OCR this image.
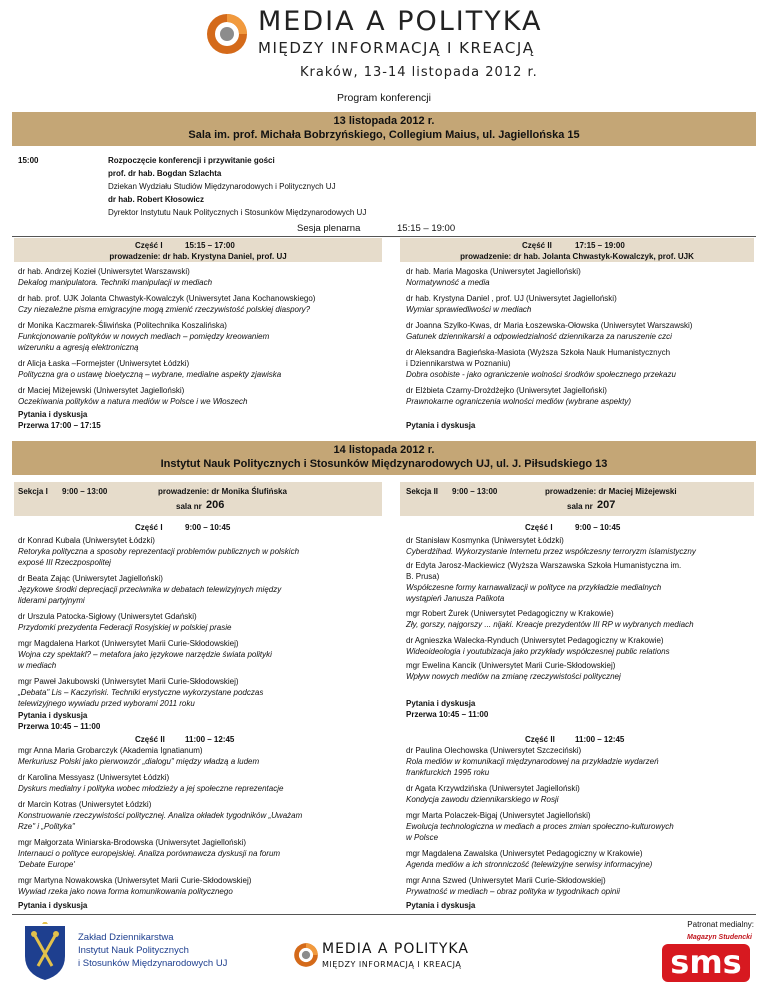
MEDIA A POLITYKA
MIĘDZY INFORMACJĄ I KREACJĄ
Kraków, 13-14 listopada 2012 r.
Program konferencji
13 listopada 2012 r.
Sala im. prof. Michała Bobrzyńskiego, Collegium Maius, ul. Jagiellońska 15
15:00	Rozpoczęcie konferencji i przywitanie gości
prof. dr hab. Bogdan Szlachta
Dziekan Wydziału Studiów Międzynarodowych i Politycznych UJ
dr hab. Robert Kłosowicz
Dyrektor Instytutu Nauk Politycznych i Stosunków Międzynarodowych UJ
Sesja plenarna	15:15 – 19:00
Część I	15:15 – 17:00
prowadzenie: dr hab. Krystyna Daniel, prof. UJ
dr hab. Andrzej Kozieł (Uniwersytet Warszawski)
Dekalog manipulatora. Techniki manipulacji w mediach
dr hab. prof. UJK Jolanta Chwastyk-Kowalczyk (Uniwersytet Jana Kochanowskiego)
Czy niezależne pisma emigracyjne mogą zmienić rzeczywistość polskiej diaspory?
dr Monika Kaczmarek-Śliwińska (Politechnika Koszalińska)
Funkcjonowanie polityków w nowych mediach – pomiędzy kreowaniem
wizerunku a agresją elektroniczną
dr Alicja Łaska –Formejster (Uniwersytet Łódzki)
Polityczna gra o ustawę bioetyczną – wybrane, medialne aspekty zjawiska
dr Maciej Miżejewski (Uniwersytet Jagielloński)
Oczekiwania polityków a natura mediów w Polsce i we Włoszech
Pytania i dyskusja
Przerwa 17:00 – 17:15
Część II	17:15 – 19:00
prowadzenie: dr hab. Jolanta Chwastyk-Kowalczyk, prof. UJK
dr hab. Maria Magoska (Uniwersytet Jagielloński)
Normatywność a media
dr hab. Krystyna Daniel , prof. UJ (Uniwersytet Jagielloński)
Wymiar sprawiedliwości w mediach
dr Joanna Szylko-Kwas, dr Maria Łoszewska-Ołowska (Uniwersytet Warszawski)
Gatunek dziennikarski a odpowiedzialność dziennikarza za naruszenie czci
dr Aleksandra Bagieńska-Masiota (Wyższa Szkoła Nauk Humanistycznych
i Dziennikarstwa w Poznaniu)
Dobra osobiste - jako ograniczenie wolności środków społecznego przekazu
dr Elżbieta Czarny-Drożdżejko (Uniwersytet Jagielloński)
Prawnokarne ograniczenia wolności mediów (wybrane aspekty)
Pytania i dyskusja
14 listopada 2012 r.
Instytut Nauk Politycznych i Stosunków Międzynarodowych UJ, ul. J. Piłsudskiego 13
Sekcja I 9:00 – 13:00	prowadzenie: dr Monika Ślufińska
sala nr 206
Część I	9:00 – 10:45
dr Konrad Kubala (Uniwersytet Łódzki)
Retoryka polityczna a sposoby reprezentacji problemów publicznych w polskich
exposé III Rzeczpospolitej
dr Beata Zając (Uniwersytet Jagielloński)
Językowe środki deprecjacji przeciwnika w debatach telewizyjnych między
liderami partyjnymi
dr Urszula Patocka-Sigłowy (Uniwersytet Gdański)
Przydomki prezydenta Federacji Rosyjskiej w polskiej prasie
mgr Magdalena Harkot (Uniwersytet Marii Curie-Skłodowskiej)
Wojna czy spektakl? – metafora jako językowe narzędzie świata polityki
w mediach
mgr Paweł Jakubowski (Uniwersytet Marii Curie-Skłodowskiej)
„Debata" Lis – Kaczyński. Techniki erystyczne wykorzystane podczas
telewizyjnego wywiadu przed wyborami 2011 roku
Pytania i dyskusja
Przerwa 10:45 – 11:00
Część II	11:00 – 12:45
mgr Anna Maria Grobarczyk (Akademia Ignatianum)
Merkuriusz Polski jako pierwowzór „dialogu" między władzą a ludem
dr Karolina Messyasz (Uniwersytet Łódzki)
Dyskurs medialny i polityka wobec młodzieży a jej społeczne reprezentacje
dr Marcin Kotras (Uniwersytet Łódzki)
Konstruowanie rzeczywistości politycznej. Analiza okładek tygodników „Uważam
Rze" i „Polityka"
mgr Małgorzata Winiarska-Brodowska (Uniwersytet Jagielloński)
Internauci o polityce europejskiej. Analiza porównawcza dyskusji na forum
'Debate Europe'
mgr Martyna Nowakowska (Uniwersytet Marii Curie-Skłodowskiej)
Wywiad rzeka jako nowa forma komunikowania politycznego
Pytania i dyskusja
Sekcja II 9:00 – 13:00	prowadzenie: dr Maciej Miżejewski
sala nr 207
Część I	9:00 – 10:45
dr Stanisław Kosmynka (Uniwersytet Łódzki)
Cyberdżihad. Wykorzystanie Internetu przez współczesny terroryzm islamistyczny
dr Edyta Jarosz-Mackiewicz (Wyższa Warszawska Szkoła Humanistyczna im.
B. Prusa)
Współczesne formy karnawalizacji w polityce na przykładzie medialnych
wystąpień Janusza Palikota
mgr Robert Żurek (Uniwersytet Pedagogiczny w Krakowie)
Zły, gorszy, najgorszy ... nijaki. Kreacje prezydentów III RP w wybranych mediach
dr Agnieszka Walecka-Rynduch (Uniwersytet Pedagogiczny w Krakowie)
Wideoideologia i youtubizacja jako przykłady współczesnej public relations
mgr Ewelina Kancik (Uniwersytet Marii Curie-Skłodowskiej)
Wpływ nowych mediów na zmianę rzeczywistości politycznej
Pytania i dyskusja
Przerwa 10:45 – 11:00
Część II	11:00 – 12:45
dr Paulina Olechowska (Uniwersytet Szczeciński)
Rola mediów w komunikacji międzynarodowej na przykładzie wydarzeń
frankfurckich 1995 roku
dr Agata Krzywdzińska (Uniwersytet Jagielloński)
Kondycja zawodu dziennikarskiego w Rosji
mgr Marta Polaczek-Bigaj (Uniwersytet Jagielloński)
Ewolucja technologiczna w mediach a proces zmian społeczno-kulturowych
w Polsce
mgr Magdalena Zawalska (Uniwersytet Pedagogiczny w Krakowie)
Agenda mediów a ich stronniczość (telewizyjne serwisy informacyjne)
mgr Anna Szwed (Uniwersytet Marii Curie-Skłodowskiej)
Prywatność w mediach – obraz polityka w tygodnikach opinii
Pytania i dyskusja
Zakład Dziennikarstwa
Instytut Nauk Politycznych
i Stosunków Międzynarodowych UJ
MEDIA A POLITYKA
MIĘDZY INFORMACJĄ I KREACJĄ
Patronat medialny:
Magazyn Studencki
sms
